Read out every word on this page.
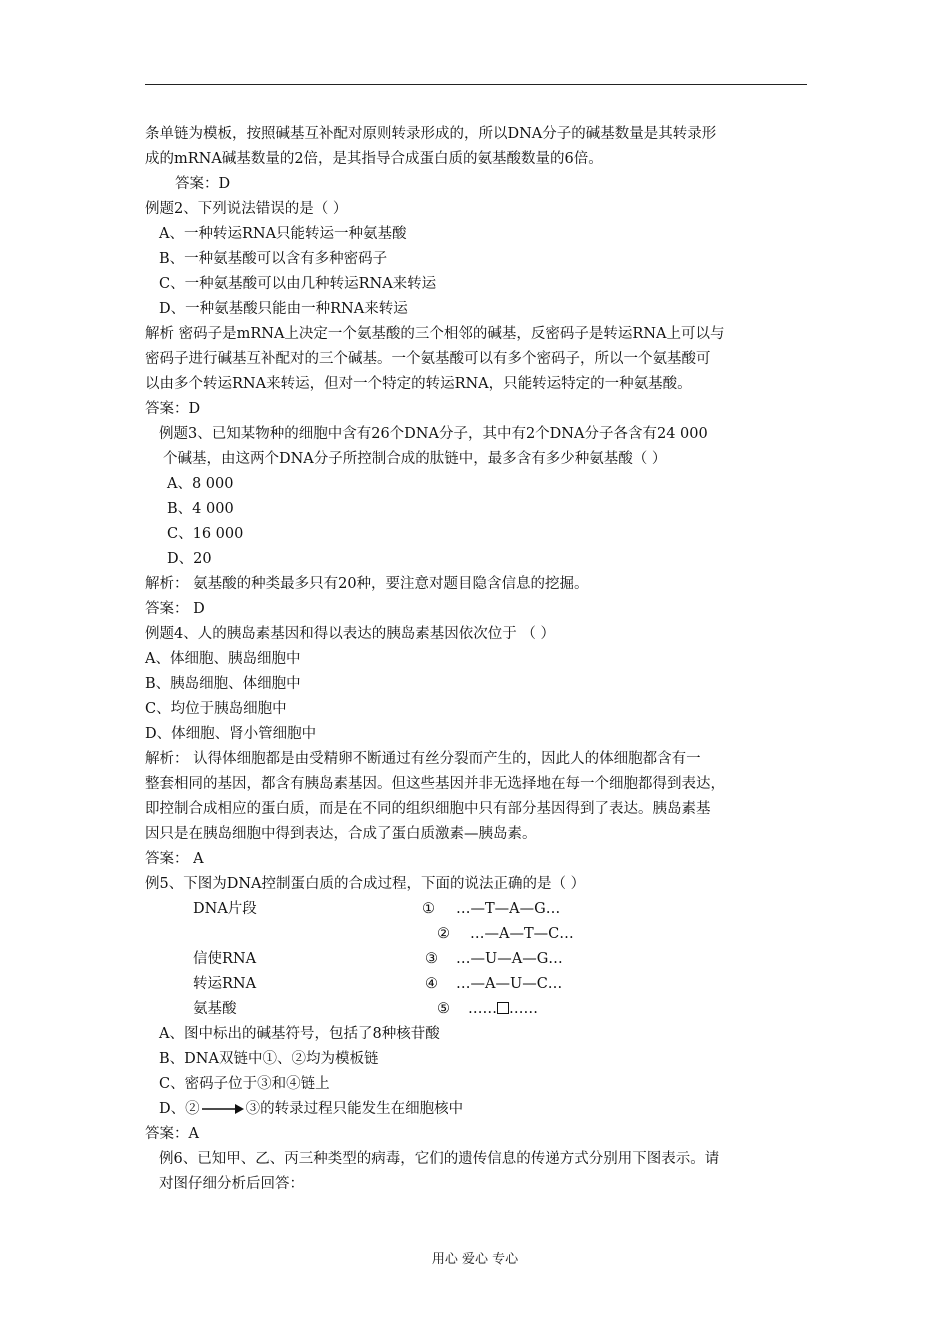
条单链为模板，按照碱基互补配对原则转录形成的，所以DNA分子的碱基数量是其转录形
成的mRNA碱基数量的2倍，是其指导合成蛋白质的氨基酸数量的6倍。
答案：D
例题2、下列说法错误的是（ ）
A、一种转运RNA只能转运一种氨基酸
B、一种氨基酸可以含有多种密码子
C、一种氨基酸可以由几种转运RNA来转运
D、一种氨基酸只能由一种RNA来转运
解析 密码子是mRNA上决定一个氨基酸的三个相邻的碱基，反密码子是转运RNA上可以与
密码子进行碱基互补配对的三个碱基。一个氨基酸可以有多个密码子，所以一个氨基酸可
以由多个转运RNA来转运，但对一个特定的转运RNA，只能转运特定的一种氨基酸。
答案：D
例题3、已知某物种的细胞中含有26个DNA分子，其中有2个DNA分子各含有24 000
个碱基，由这两个DNA分子所控制合成的肽链中，最多含有多少种氨基酸（ ）
A、8 000
B、4 000
C、16 000
D、20
解析： 氨基酸的种类最多只有20种，要注意对题目隐含信息的挖掘。
答案： D
例题4、人的胰岛素基因和得以表达的胰岛素基因依次位于 （ ）
A、体细胞、胰岛细胞中
B、胰岛细胞、体细胞中
C、均位于胰岛细胞中
D、体细胞、肾小管细胞中
解析： 认得体细胞都是由受精卵不断通过有丝分裂而产生的，因此人的体细胞都含有一
整套相同的基因，都含有胰岛素基因。但这些基因并非无选择地在每一个细胞都得到表达，
即控制合成相应的蛋白质，而是在不同的组织细胞中只有部分基因得到了表达。胰岛素基
因只是在胰岛细胞中得到表达，合成了蛋白质激素—胰岛素。
答案： A
例5、下图为DNA控制蛋白质的合成过程，下面的说法正确的是（ ）
DNA片段	① …—T—A—G…
② …—A—T—C…
信使RNA	③ …—U—A—G…
转运RNA	④ …—A—U—C…
氨基酸	⑤ …… ……
A、图中标出的碱基符号，包括了8种核苷酸
B、DNA双链中①、②均为模板链
C、密码子位于③和④链上
D、②	③的转录过程只能发生在细胞核中
答案：A
例6、已知甲、乙、丙三种类型的病毒，它们的遗传信息的传递方式分别用下图表示。请
对图仔细分析后回答：
用心 爱心 专心
